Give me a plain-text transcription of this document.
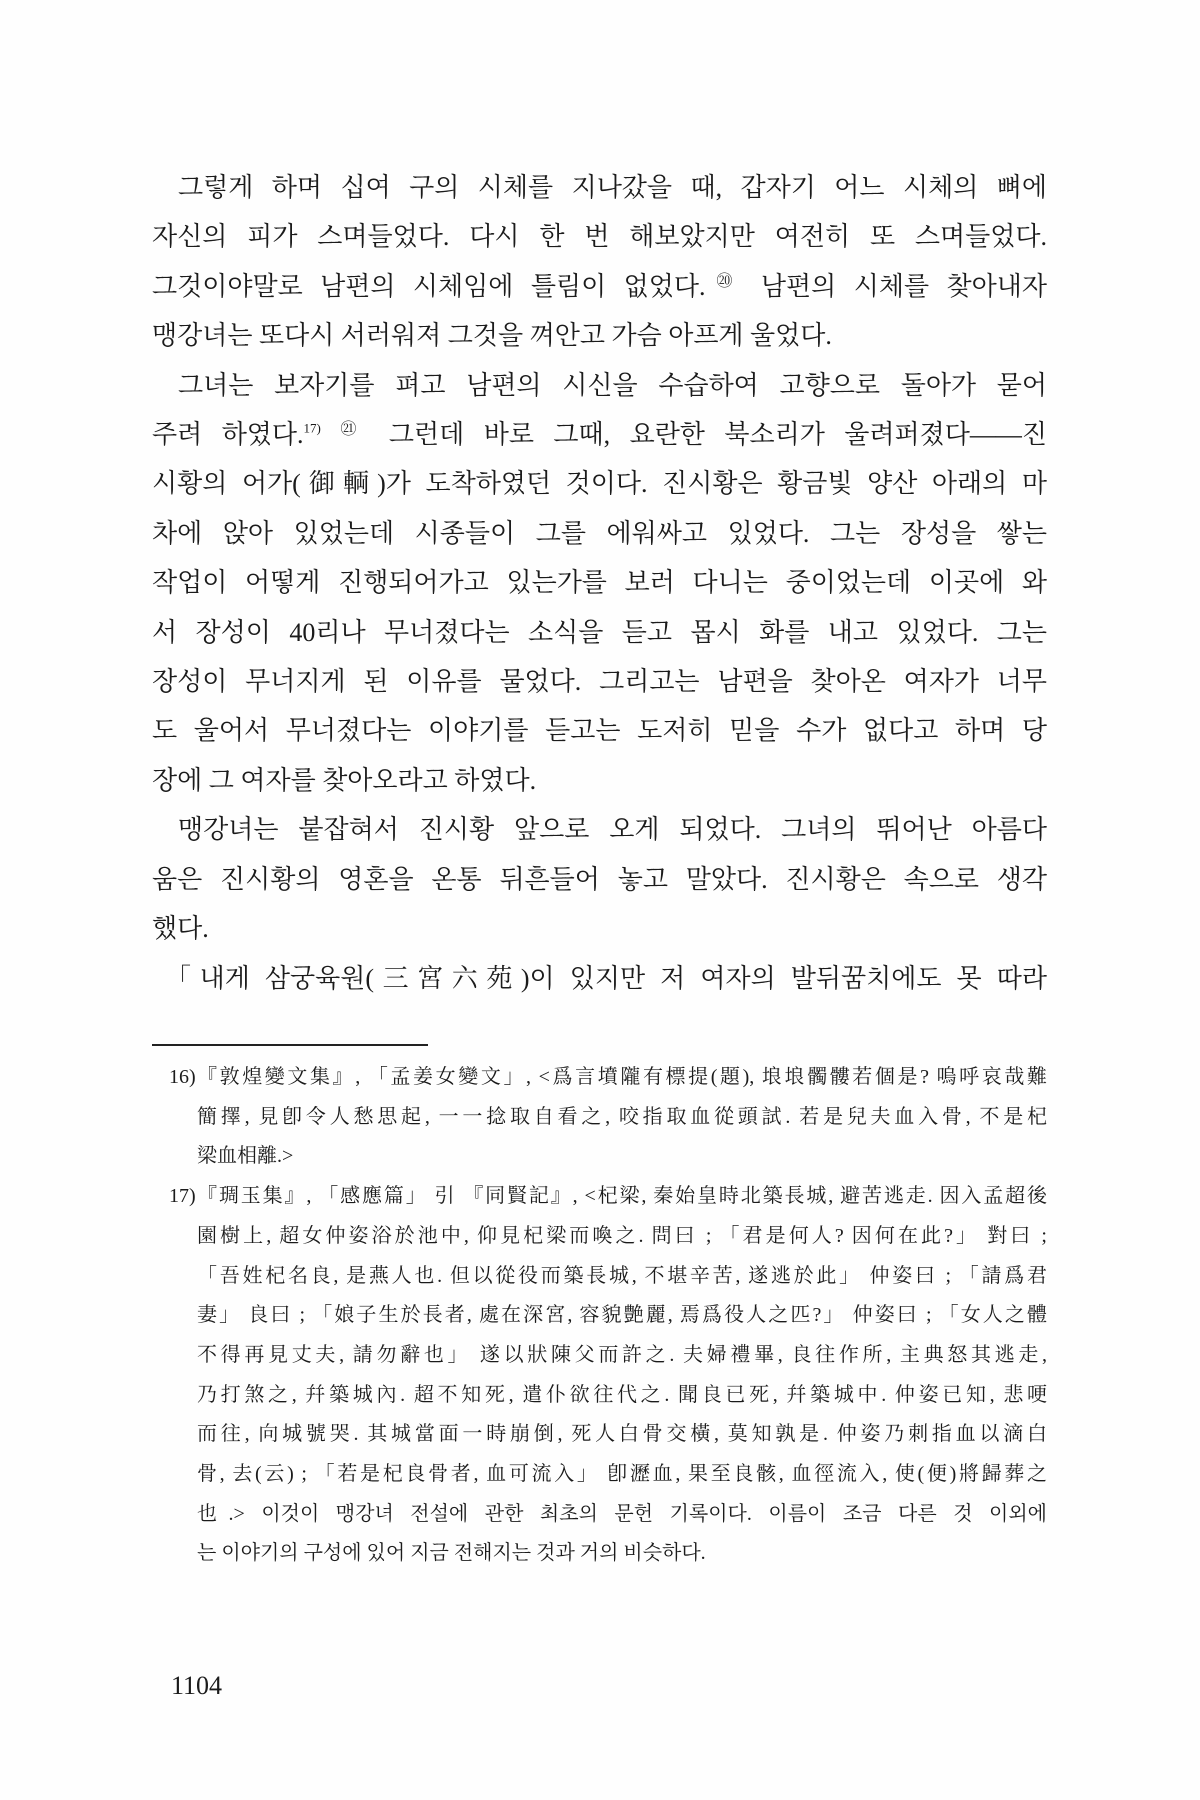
그렇게 하며 십여 구의 시체를 지나갔을 때, 갑자기 어느 시체의 뼈에
자신의 피가 스며들었다. 다시 한 번 해보았지만 여전히 또 스며들었다.
그것이야말로 남편의 시체임에 틀림이 없었다.⑳ 남편의 시체를 찾아내자
맹강녀는 또다시 서러워져 그것을 껴안고 가슴 아프게 울었다.
그녀는 보자기를 펴고 남편의 시신을 수습하여 고향으로 돌아가 묻어
주려 하였다.$^{17)}$ $^㉑$ 그런데 바로 그때, 요란한 북소리가 울려퍼졌다——진
시황의 어가(御輌)가 도착하였던 것이다. 진시황은 황금빛 양산 아래의 마
차에 앉아 있었는데 시종들이 그를 에워싸고 있었다. 그는 장성을 쌓는
작업이 어떻게 진행되어가고 있는가를 보러 다니는 중이었는데 이곳에 와
서 장성이 40리나 무너졌다는 소식을 듣고 몹시 화를 내고 있었다. 그는
장성이 무너지게 된 이유를 물었다. 그리고는 남편을 찾아온 여자가 너무
도 울어서 무너졌다는 이야기를 듣고는 도저히 믿을 수가 없다고 하며 당
장에 그 여자를 찾아오라고 하였다.
맹강녀는 붙잡혀서 진시황 앞으로 오게 되었다. 그녀의 뛰어난 아름다
움은 진시황의 영혼을 온통 뒤흔들어 놓고 말았다. 진시황은 속으로 생각
했다.
「내게 삼궁육원(三宮六苑)이 있지만 저 여자의 발뒤꿈치에도 못 따라
16) 『敦煌變文集』, 「孟姜女變文」, <爲言墳隴有標提(題), 埌埌髑髏若個是? 嗚呼哀哉難
簡擇, 見卽令人愁思起, 一一捻取自看之, 咬指取血從頭試. 若是兒夫血入骨, 不是杞
梁血相離.>
17) 『琱玉集』, 「感應篇」 引 『同賢記』, <杞梁, 秦始皇時北築長城, 避苦逃走. 因入孟超後
園樹上, 超女仲姿浴於池中, 仰見杞梁而喚之. 問曰 ; 「君是何人? 因何在此?」 對曰 ;
「吾姓杞名良, 是燕人也. 但以從役而築長城, 不堪辛苦, 遂逃於此」 仲姿曰 ; 「請爲君
妻」 良曰 ; 「娘子生於長者, 處在深宮, 容貌艶麗, 焉爲役人之匹?」 仲姿曰 ; 「女人之體
不得再見丈夫, 請勿辭也」 遂以狀陳父而許之. 夫婦禮畢, 良往作所, 主典怒其逃走,
乃打煞之, 幷築城內. 超不知死, 遣仆欲往代之. 聞良已死, 幷築城中. 仲姿已知, 悲哽
而往, 向城號哭. 其城當面一時崩倒, 死人白骨交橫, 莫知孰是. 仲姿乃刺指血以滴白
骨, 去(云) ; 「若是杞良骨者, 血可流入」 卽瀝血, 果至良骸, 血徑流入, 使(便)將歸葬之
也.> 이것이 맹강녀 전설에 관한 최초의 문헌 기록이다. 이름이 조금 다른 것 이외에
는 이야기의 구성에 있어 지금 전해지는 것과 거의 비슷하다.
1104
